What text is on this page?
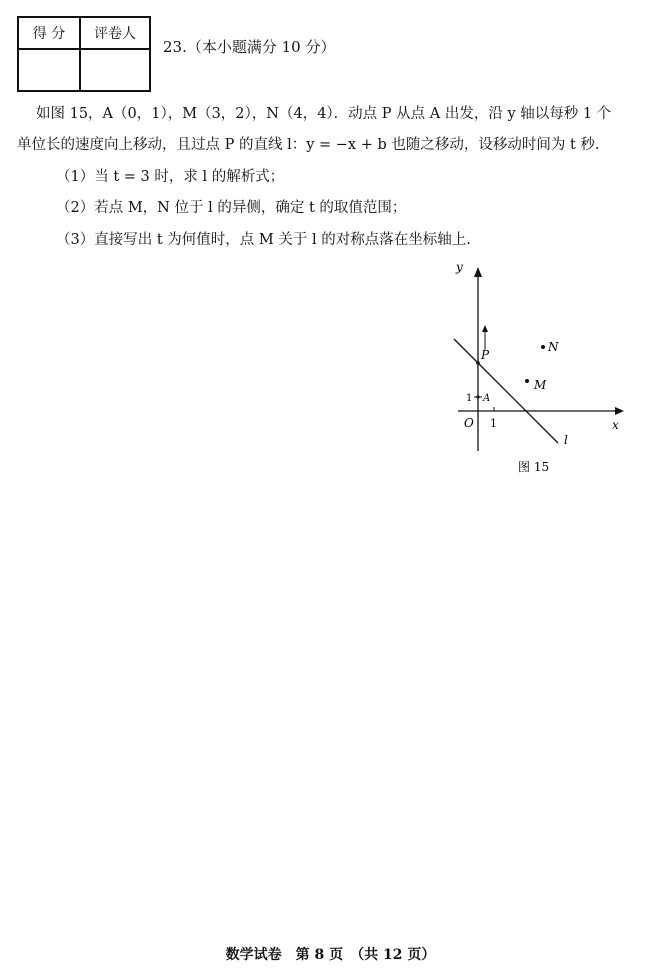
得 分	评卷人

23.（本小题满分 10 分）
如图 15，A（0，1），M（3，2），N（4，4）．动点 P 从点 A 出发，沿 y 轴以每秒 1 个
单位长的速度向上移动，且过点 P 的直线 l：y = −x + b 也随之移动，设移动时间为 t 秒.
（1）当 t = 3 时，求 l 的解析式；
（2）若点 M，N 位于 l 的异侧，确定 t 的取值范围；
（3）直接写出 t 为何值时，点 M 关于 l 的对称点落在坐标轴上.
y
x
O 1
1 A
P
M
N
l
图 15
数学试卷　第 8 页　（共 12 页）
